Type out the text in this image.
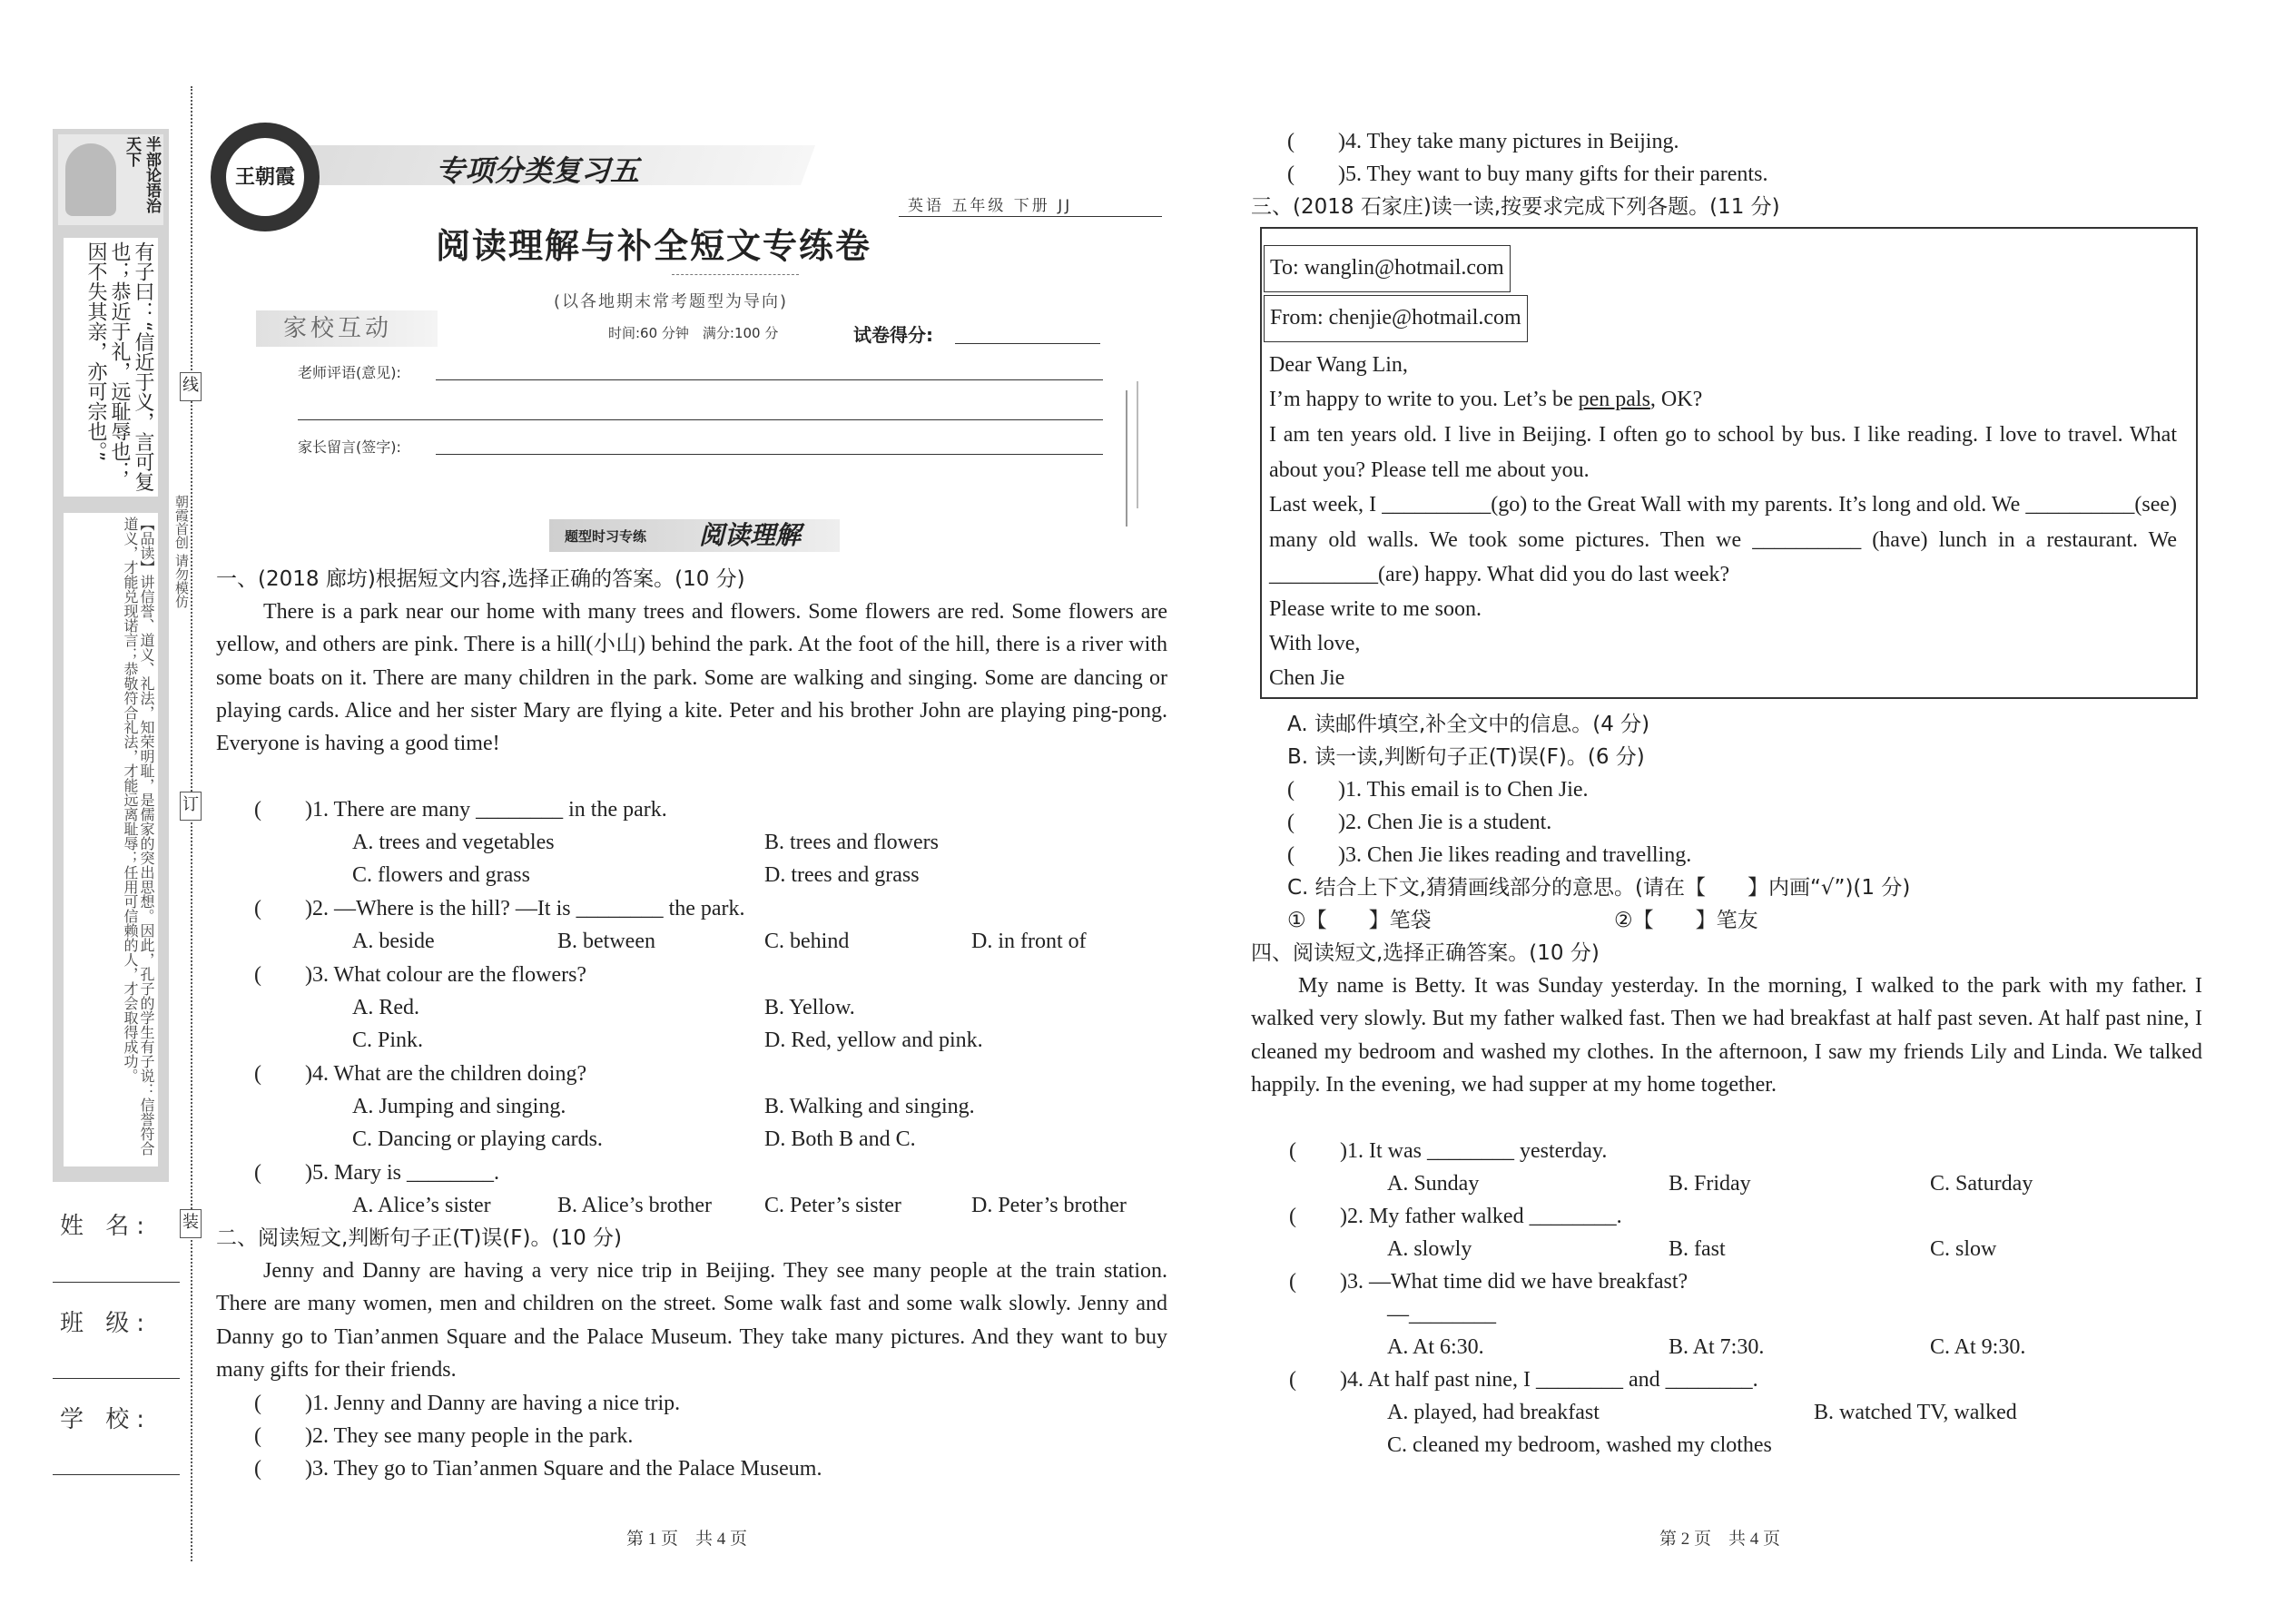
半部论语治天下
有子曰：“信近于义，言可复也；恭近于礼，远耻辱也；因不失其亲，亦可宗也。”
【品读】讲信誉、道义、礼法，知荣明耻，是儒家的突出思想。因此，孔子的学生有子说：信誉符合道义，才能兑现诺言；恭敬符合礼法，才能远离耻辱；任用可信赖的人，才会取得成功。
姓 名:
班 级:
学 校:
线
订
装
朝霞首创 请勿模仿
王朝霞	专项分类复习五
英语 五年级 下册 JJ
阅读理解与补全短文专练卷
(以各地期末常考题型为导向)
家校互动	时间:60 分钟　满分:100 分	试卷得分:
老师评语(意见):
家长留言(签字):
题型时习专练 阅读理解
一、(2018 廊坊)根据短文内容,选择正确的答案。(10 分)
There is a park near our home with many trees and flowers. Some flowers are red. Some flowers are yellow, and others are pink. There is a hill(小山) behind the park. At the foot of the hill, there is a river with some boats on it. There are many children in the park. Some are walking and singing. Some are dancing or playing cards. Alice and her sister Mary are flying a kite. Peter and his brother John are playing ping-pong. Everyone is having a good time!
(　　)1. There are many ________ in the park.
A. trees and vegetables	B. trees and flowers
C. flowers and grass	D. trees and grass
(　　)2. —Where is the hill? —It is ________ the park.
A. beside	B. between	C. behind	D. in front of
(　　)3. What colour are the flowers?
A. Red.	B. Yellow.
C. Pink.	D. Red, yellow and pink.
(　　)4. What are the children doing?
A. Jumping and singing.	B. Walking and singing.
C. Dancing or playing cards.	D. Both B and C.
(　　)5. Mary is ________.
A. Alice’s sister	B. Alice’s brother C. Peter’s sister	D. Peter’s brother
二、阅读短文,判断句子正(T)误(F)。(10 分)
Jenny and Danny are having a very nice trip in Beijing. They see many people at the train station. There are many women, men and children on the street. Some walk fast and some walk slowly. Jenny and Danny go to Tian’anmen Square and the Palace Museum. They take many pictures. And they want to buy many gifts for their friends.
(　　)1. Jenny and Danny are having a nice trip.
(　　)2. They see many people in the park.
(　　)3. They go to Tian’anmen Square and the Palace Museum.
(　　)4. They take many pictures in Beijing.
(　　)5. They want to buy many gifts for their parents.
三、(2018 石家庄)读一读,按要求完成下列各题。(11 分)
To: wanglin@hotmail.com
From: chenjie@hotmail.com
Dear Wang Lin,
I’m happy to write to you. Let’s be pen pals, OK?
I am ten years old. I live in Beijing. I often go to school by bus. I like reading. I love to travel. What about you? Please tell me about you.
Last week, I __________(go) to the Great Wall with my parents. It’s long and old. We __________(see) many old walls. We took some pictures. Then we __________ (have) lunch in a restaurant. We __________(are) happy. What did you do last week?
Please write to me soon.
With love,
Chen Jie
A. 读邮件填空,补全文中的信息。(4 分)
B. 读一读,判断句子正(T)误(F)。(6 分)
(　　)1. This email is to Chen Jie.
(　　)2. Chen Jie is a student.
(　　)3. Chen Jie likes reading and travelling.
C. 结合上下文,猜猜画线部分的意思。(请在【　　】内画“√”)(1 分)
①【　　】笔袋	②【　　】笔友
四、阅读短文,选择正确答案。(10 分)
My name is Betty. It was Sunday yesterday. In the morning, I walked to the park with my father. I walked very slowly. But my father walked fast. Then we had breakfast at half past seven. At half past nine, I cleaned my bedroom and washed my clothes. In the afternoon, I saw my friends Lily and Linda. We talked happily. In the evening, we had supper at my home together.
(　　)1. It was ________ yesterday.
A. Sunday	B. Friday	C. Saturday
(　　)2. My father walked ________.
A. slowly	B. fast	C. slow
(　　)3. —What time did we have breakfast?
—________
A. At 6:30.	B. At 7:30.	C. At 9:30.
(　　)4. At half past nine, I ________ and ________.
A. played, had breakfast	B. watched TV, walked
C. cleaned my bedroom, washed my clothes
第 1 页　共 4 页	第 2 页　共 4 页
